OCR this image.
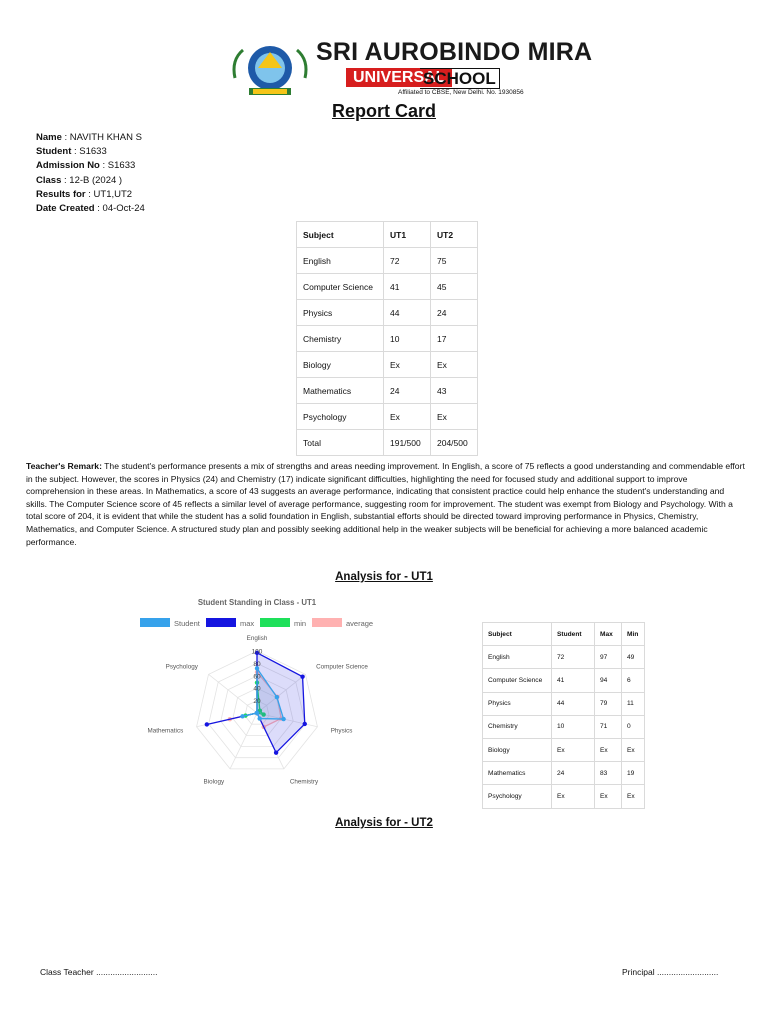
SRI AUROBINDO MIRA
UNIVERSAL
SCHOOL
Affiliated to CBSE, New Delhi. No. 1930856
Report Card
Name : NAVITH KHAN S
Student : S1633
Admission No : S1633
Class : 12-B (2024 )
Results for : UT1,UT2
Date Created : 04-Oct-24
Subject	UT1	UT2
English	72	75
Computer Science	41	45
Physics	44	24
Chemistry	10	17
Biology	Ex	Ex
Mathematics	24	43
Psychology	Ex	Ex
Total	191/500	204/500
Teacher's Remark: The student's performance presents a mix of strengths and areas needing improvement. In English, a score of 75 reflects a good understanding and commendable effort in the subject. However, the scores in Physics (24) and Chemistry (17) indicate significant difficulties, highlighting the need for focused study and additional support to improve comprehension in these areas. In Mathematics, a score of 43 suggests an average performance, indicating that consistent practice could help enhance the student's understanding and skills. The Computer Science score of 45 reflects a similar level of average performance, suggesting room for improvement. The student was exempt from Biology and Psychology. With a total score of 204, it is evident that while the student has a solid foundation in English, substantial efforts should be directed toward improving performance in Physics, Chemistry, Mathematics, and Computer Science. A structured study plan and possibly seeking additional help in the weaker subjects will be beneficial for achieving a more balanced academic performance.
Analysis for - UT1
Student Standing in Class - UT1
Student	max	min	average
20
40
60
80
100
English
Computer Science
Physics
Chemistry
Biology
Mathematics
Psychology
Subject	Student	Max	Min
English	72	97	49
Computer Science	41	94	6
Physics	44	79	11
Chemistry	10	71	0
Biology	Ex	Ex	Ex
Mathematics	24	83	19
Psychology	Ex	Ex	Ex
Analysis for - UT2
Class Teacher ..........................	Principal ..........................
